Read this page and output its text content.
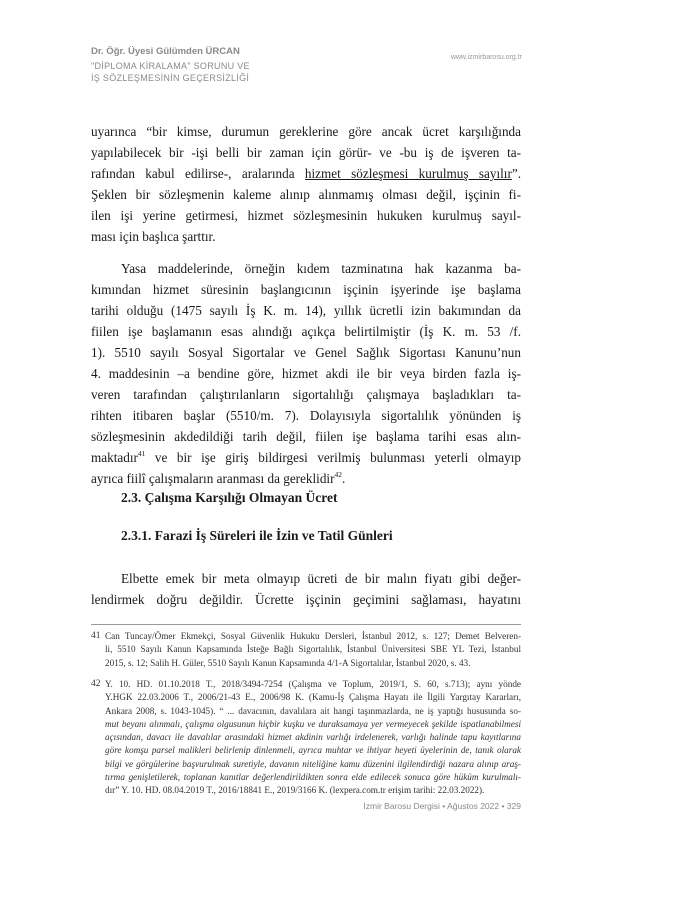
Dr. Öğr. Üyesi Gülümden ÜRCAN
"DİPLOMA KİRALAMA" SORUNU VE
İŞ SÖZLEŞMESİNİN GEÇERSİZLİĞİ
www.izmirbarosu.org.tr
uyarınca “bir kimse, durumun gereklerine göre ancak ücret karşılığında
yapılabilecek bir -işi belli bir zaman için görür- ve -bu iş de işveren ta-
rafından kabul edilirse-, aralarında hizmet sözleşmesi kurulmuş sayılır”.
Şeklen bir sözleşmenin kaleme alınıp alınmamış olması değil, işçinin fi-
ilen işi yerine getirmesi, hizmet sözleşmesinin hukuken kurulmuş sayıl-
ması için başlıca şarttır.
Yasa maddelerinde, örneğin kıdem tazminatına hak kazanma ba-
kımından hizmet süresinin başlangıcının işçinin işyerinde işe başlama
tarihi olduğu (1475 sayılı İş K. m. 14), yıllık ücretli izin bakımından da
fiilen işe başlamanın esas alındığı açıkça belirtilmiştir (İş K. m. 53 /f.
1). 5510 sayılı Sosyal Sigortalar ve Genel Sağlık Sigortası Kanunu’nun
4. maddesinin –a bendine göre, hizmet akdi ile bir veya birden fazla iş-
veren tarafından çalıştırılanların sigortalılığı çalışmaya başladıkları ta-
rihten itibaren başlar (5510/m. 7). Dolayısıyla sigortalılık yönünden iş
sözleşmesinin akdedildiği tarih değil, fiilen işe başlama tarihi esas alın-
maktadır$^{41}$ ve bir işe giriş bildirgesi verilmiş bulunması yeterli olmayıp
ayrıca fiilî çalışmaların aranması da gereklidir$^{42}$.
2.3. Çalışma Karşılığı Olmayan Ücret
2.3.1. Farazi İş Süreleri ile İzin ve Tatil Günleri
Elbette emek bir meta olmayıp ücreti de bir malın fiyatı gibi değer-
lendirmek doğru değildir. Ücrette işçinin geçimini sağlaması, hayatını
41 Can Tuncay/Ömer Ekmekçi, Sosyal Güvenlik Hukuku Dersleri, İstanbul 2012, s. 127; Demet Belveren-
li, 5510 Sayılı Kanun Kapsamında İsteğe Bağlı Sigortalılık, İstanbul Üniversitesi SBE YL Tezi, İstanbul
2015, s. 12; Salih H. Güler, 5510 Sayılı Kanun Kapsamında 4/1-A Sigortalılar, İstanbul 2020, s. 43.
42 Y. 10. HD. 01.10.2018 T., 2018/3494-7254 (Çalışma ve Toplum, 2019/1, S. 60, s.713); aynı yönde
Y.HGK 22.03.2006 T., 2006/21-43 E., 2006/98 K. (Kamu-İş Çalışma Hayatı ile İlgili Yargıtay Kararları,
Ankara 2008, s. 1043-1045). “ ... davacının, davalılara ait hangi taşınmazlarda, ne iş yaptığı hususunda so-
mut beyanı alınmalı, çalışma olgusunun hiçbir kuşku ve duraksamaya yer vermeyecek şekilde ispatlanabilmesi
açısından, davacı ile davalılar arasındaki hizmet akdinin varlığı irdelenerek, varlığı halinde tapu kayıtlarına
göre komşu parsel malikleri belirlenip dinlenmeli, ayrıca muhtar ve ihtiyar heyeti üyelerinin de, tanık olarak
bilgi ve görgülerine başvurulmak suretiyle, davanın niteliğine kamu düzenini ilgilendirdiği nazara alınıp araş-
tırma genişletilerek, toplanan kanıtlar değerlendirildikten sonra elde edilecek sonuca göre hüküm kurulmalı-
dır” Y. 10. HD. 08.04.2019 T., 2016/18841 E., 2019/3166 K. (lexpera.com.tr erişim tarihi: 22.03.2022).
İzmir Barosu Dergisi • Ağustos 2022 • 329
